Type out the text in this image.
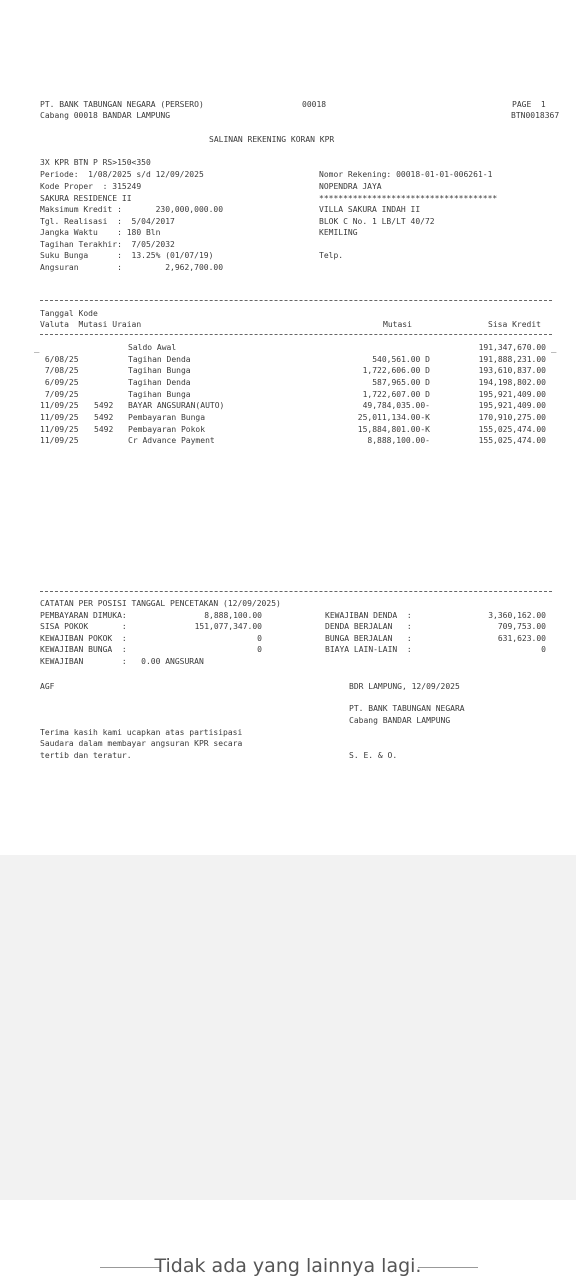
PT. BANK TABUNGAN NEGARA (PERSERO)	00018	PAGE  1
Cabang 00018 BANDAR LAMPUNG	BTN0018367
SALINAN REKENING KORAN KPR
3X KPR BTN P RS>150<350
Periode:  1/08/2025 s/d 12/09/2025
Kode Proper  : 315249
SAKURA RESIDENCE II
Maksimum Kredit :       230,000,000.00
Tgl. Realisasi  :  5/04/2017
Jangka Waktu    : 180 Bln
Tagihan Terakhir:  7/05/2032
Suku Bunga      :  13.25% (01/07/19)
Angsuran        :         2,962,700.00
Nomor Rekening: 00018-01-01-006261-1
NOPENDRA JAYA
*************************************
VILLA SAKURA INDAH II
BLOK C No. 1 LB/LT 40/72
KEMILING
Telp.
Tanggal Kode
Valuta  Mutasi Uraian	Mutasi	Sisa Kredit
_	_
Saldo Awal	191,347,670.00
6/08/25	Tagihan Denda	540,561.00 D	191,888,231.00
7/08/25	Tagihan Bunga	1,722,606.00 D	193,610,837.00
6/09/25	Tagihan Denda	587,965.00 D	194,198,802.00
7/09/25	Tagihan Bunga	1,722,607.00 D	195,921,409.00
11/09/25 5492 BAYAR ANGSURAN(AUTO)	49,784,035.00-	195,921,409.00
11/09/25 5492 Pembayaran Bunga	25,011,134.00-K	170,910,275.00
11/09/25 5492 Pembayaran Pokok	15,884,801.00-K	155,025,474.00
11/09/25	Cr Advance Payment	8,888,100.00-	155,025,474.00
CATATAN PER POSISI TANGGAL PENCETAKAN (12/09/2025)
PEMBAYARAN DIMUKA:	8,888,100.00
SISA POKOK       :	151,077,347.00
KEWAJIBAN POKOK  :	0
KEWAJIBAN BUNGA  :	0
KEWAJIBAN        :   0.00 ANGSURAN
KEWAJIBAN DENDA  :	3,360,162.00
DENDA BERJALAN   :	709,753.00
BUNGA BERJALAN   :	631,623.00
BIAYA LAIN-LAIN  :	0
AGF	BDR LAMPUNG, 12/09/2025
PT. BANK TABUNGAN NEGARA
Cabang BANDAR LAMPUNG
Terima kasih kami ucapkan atas partisipasi
Saudara dalam membayar angsuran KPR secara
tertib dan teratur.	S. E. & O.
Tidak ada yang lainnya lagi.
